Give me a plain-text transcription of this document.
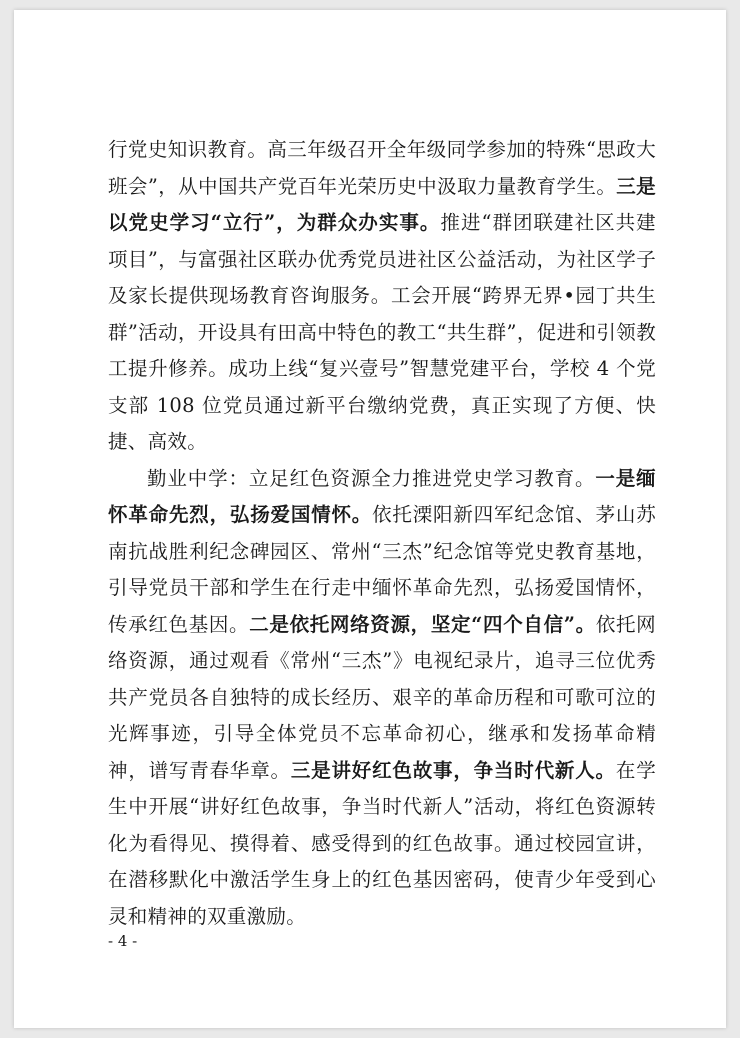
行党史知识教育。高三年级召开全年级同学参加的特殊“思政大班会”，从中国共产党百年光荣历史中汲取力量教育学生。三是以党史学习“立行”，为群众办实事。推进“群团联建社区共建项目”，与富强社区联办优秀党员进社区公益活动，为社区学子及家长提供现场教育咨询服务。工会开展“跨界无界•园丁共生群”活动，开设具有田高中特色的教工“共生群”，促进和引领教工提升修养。成功上线“复兴壹号”智慧党建平台，学校 4 个党支部 108 位党员通过新平台缴纳党费，真正实现了方便、快捷、高效。

勤业中学：立足红色资源全力推进党史学习教育。一是缅怀革命先烈，弘扬爱国情怀。依托溧阳新四军纪念馆、茅山苏南抗战胜利纪念碑园区、常州“三杰”纪念馆等党史教育基地，引导党员干部和学生在行走中缅怀革命先烈，弘扬爱国情怀，传承红色基因。二是依托网络资源，坚定“四个自信”。依托网络资源，通过观看《常州“三杰”》电视纪录片，追寻三位优秀共产党员各自独特的成长经历、艰辛的革命历程和可歌可泣的光辉事迹，引导全体党员不忘革命初心，继承和发扬革命精神，谱写青春华章。三是讲好红色故事，争当时代新人。在学生中开展“讲好红色故事，争当时代新人”活动，将红色资源转化为看得见、摸得着、感受得到的红色故事。通过校园宣讲，在潜移默化中激活学生身上的红色基因密码，使青少年受到心灵和精神的双重激励。

- 4 -
